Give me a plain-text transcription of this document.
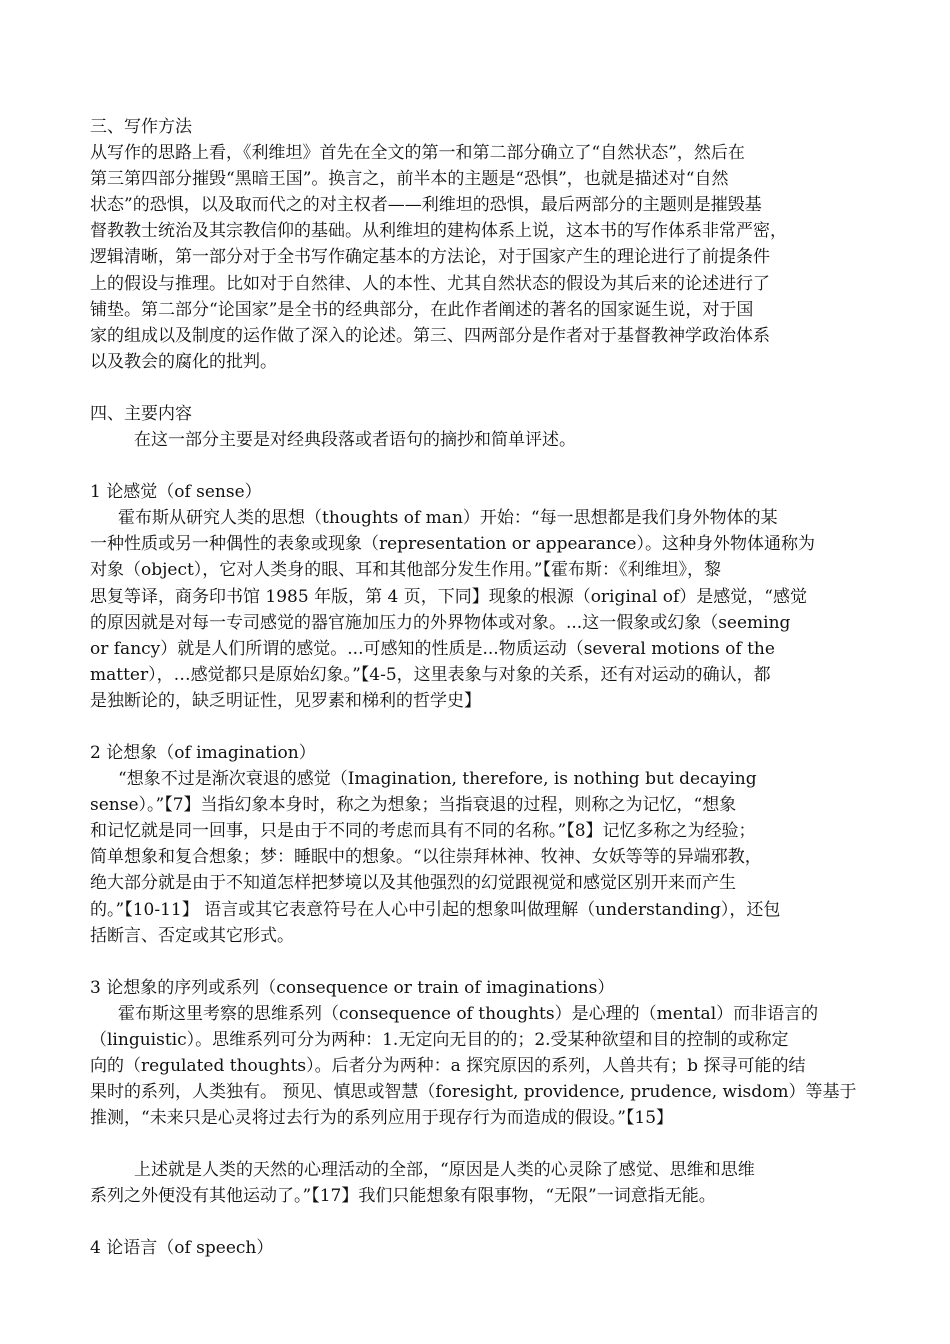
三、写作方法
从写作的思路上看，《利维坦》首先在全文的第一和第二部分确立了“自然状态”，然后在
第三第四部分摧毁“黑暗王国”。换言之，前半本的主题是“恐惧”，也就是描述对“自然
状态”的恐惧，以及取而代之的对主权者——利维坦的恐惧，最后两部分的主题则是摧毁基
督教教士统治及其宗教信仰的基础。从利维坦的建构体系上说，这本书的写作体系非常严密，
逻辑清晰，第一部分对于全书写作确定基本的方法论，对于国家产生的理论进行了前提条件
上的假设与推理。比如对于自然律、人的本性、尤其自然状态的假设为其后来的论述进行了
铺垫。第二部分“论国家”是全书的经典部分，在此作者阐述的著名的国家诞生说，对于国
家的组成以及制度的运作做了深入的论述。第三、四两部分是作者对于基督教神学政治体系
以及教会的腐化的批判。
四、主要内容
在这一部分主要是对经典段落或者语句的摘抄和简单评述。
1 论感觉（of sense）
霍布斯从研究人类的思想（thoughts of man）开始：“每一思想都是我们身外物体的某
一种性质或另一种偶性的表象或现象（representation or appearance）。这种身外物体通称为
对象（object），它对人类身的眼、耳和其他部分发生作用。”【霍布斯：《利维坦》，黎
思复等译，商务印书馆 1985 年版，第 4 页，下同】现象的根源（original of）是感觉，“感觉
的原因就是对每一专司感觉的器官施加压力的外界物体或对象。...这一假象或幻象（seeming
or fancy）就是人们所谓的感觉。...可感知的性质是...物质运动（several motions of the
matter），…感觉都只是原始幻象。”【4-5，这里表象与对象的关系，还有对运动的确认，都
是独断论的，缺乏明证性，见罗素和梯利的哲学史】
2 论想象（of imagination）
“想象不过是渐次衰退的感觉（Imagination, therefore, is nothing but decaying
sense）。”【7】当指幻象本身时，称之为想象；当指衰退的过程，则称之为记忆，“想象
和记忆就是同一回事，只是由于不同的考虑而具有不同的名称。”【8】记忆多称之为经验；
简单想象和复合想象；梦：睡眠中的想象。“以往崇拜林神、牧神、女妖等等的异端邪教，
绝大部分就是由于不知道怎样把梦境以及其他强烈的幻觉跟视觉和感觉区别开来而产生
的。”【10-11】 语言或其它表意符号在人心中引起的想象叫做理解（understanding），还包
括断言、否定或其它形式。
3 论想象的序列或系列（consequence or train of imaginations）
霍布斯这里考察的思维系列（consequence of thoughts）是心理的（mental）而非语言的
（linguistic）。思维系列可分为两种：1.无定向无目的的；2.受某种欲望和目的控制的或称定
向的（regulated thoughts）。后者分为两种：a 探究原因的系列，人兽共有；b 探寻可能的结
果时的系列，人类独有。 预见、慎思或智慧（foresight, providence, prudence, wisdom）等基于
推测，“未来只是心灵将过去行为的系列应用于现存行为而造成的假设。”【15】
上述就是人类的天然的心理活动的全部，“原因是人类的心灵除了感觉、思维和思维
系列之外便没有其他运动了。”【17】我们只能想象有限事物，“无限”一词意指无能。
4 论语言（of speech）
